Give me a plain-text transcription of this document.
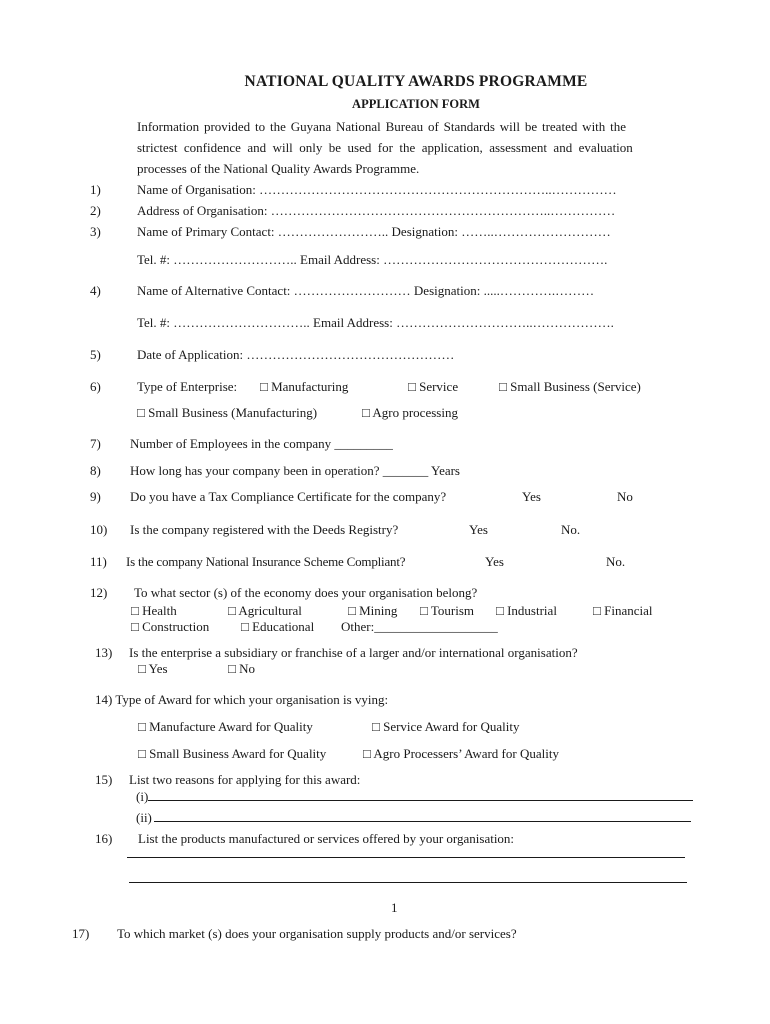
NATIONAL QUALITY AWARDS PROGRAMME
APPLICATION FORM
Information provided to the Guyana National Bureau of Standards will be treated with the
strictest confidence and will only be used for the application, assessment and evaluation
processes of the National Quality Awards Programme.
1)	Name of Organisation: …………………………………………………………..……………
2)	Address of Organisation: ………………………………………………………..……………
3)	Name of Primary Contact: …………………….. Designation: ……..………………………
Tel. #: ……………………….. Email Address: …………………………………………….
4)	Name of Alternative Contact: ……………………… Designation: .....………….………
Tel. #: ………………………….. Email Address: …………………………..……………….
5)	Date of Application: …………………………………………
6)	Type of Enterprise: □ Manufacturing	□ Service	□ Small Business (Service)
□ Small Business (Manufacturing)	□ Agro processing
7) Number of Employees in the company _________
8) How long has your company been in operation? _______ Years
9) Do you have a Tax Compliance Certificate for the company?	Yes	No
10) Is the company registered with the Deeds Registry?	Yes	No.
11) Is the company National Insurance Scheme Compliant?	Yes	No.
12) To what sector (s) of the economy does your organisation belong?
□ Health	□ Agricultural	□ Mining □ Tourism □ Industrial	□ Financial
□ Construction □ Educational Other:___________________
13) Is the enterprise a subsidiary or franchise of a larger and/or international organisation?
□ Yes	□ No
14) Type of Award for which your organisation is vying:
□ Manufacture Award for Quality	□ Service Award for Quality
□ Small Business Award for Quality	□ Agro Processers’ Award for Quality
15) List two reasons for applying for this award:
(i)
(ii)
16) List the products manufactured or services offered by your organisation:
1
17) To which market (s) does your organisation supply products and/or services?
